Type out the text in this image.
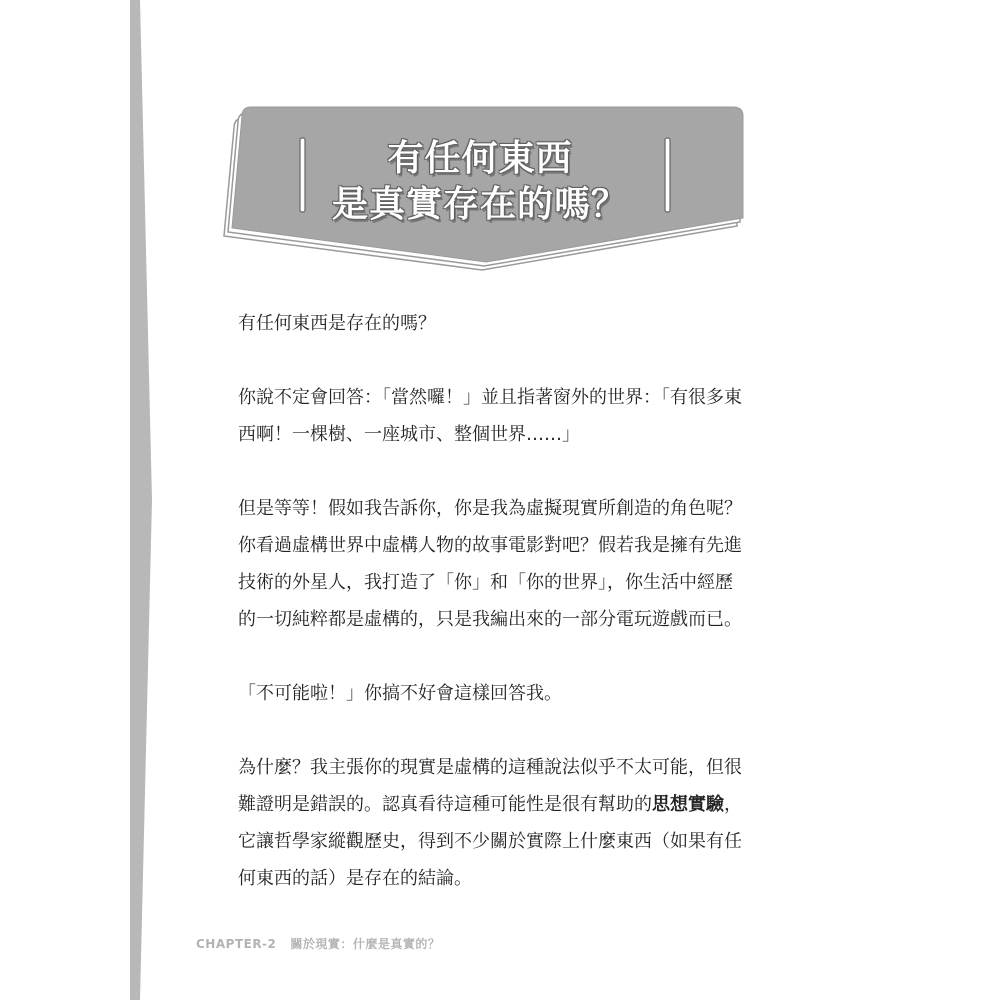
有任何東西
是真實存在的嗎？

有任何東西是存在的嗎？

你說不定會回答：「當然囉！」並且指著窗外的世界：「有很多東西啊！一棵樹、一座城市、整個世界……」

但是等等！假如我告訴你，你是我為虛擬現實所創造的角色呢？你看過虛構世界中虛構人物的故事電影對吧？假若我是擁有先進技術的外星人，我打造了「你」和「你的世界」，你生活中經歷的一切純粹都是虛構的，只是我編出來的一部分電玩遊戲而已。

「不可能啦！」你搞不好會這樣回答我。

為什麼？我主張你的現實是虛構的這種說法似乎不太可能，但很難證明是錯誤的。認真看待這種可能性是很有幫助的思想實驗，它讓哲學家縱觀歷史，得到不少關於實際上什麼東西（如果有任何東西的話）是存在的結論。

CHAPTER-2 關於現實：什麼是真實的？
